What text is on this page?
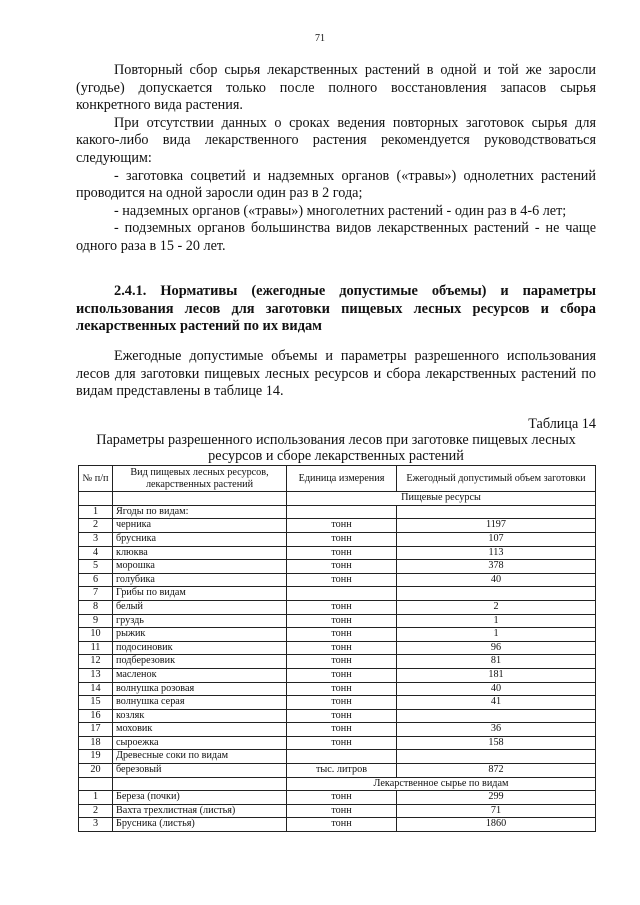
71

Повторный сбор сырья лекарственных растений в одной и той же заросли (угодье) допускается только после полного восстановления запасов сырья конкретного вида растения.

При отсутствии данных о сроках ведения повторных заготовок сырья для какого-либо вида лекарственного растения рекомендуется руководствоваться следующим:

- заготовка соцветий и надземных органов («травы») однолетних растений проводится на одной заросли один раз в 2 года;

- надземных органов («травы») многолетних растений - один раз в 4-6 лет;

- подземных органов большинства видов лекарственных растений - не чаще одного раза в 15 - 20 лет.

2.4.1. Нормативы (ежегодные допустимые объемы) и параметры использования лесов для заготовки пищевых лесных ресурсов и сбора лекарственных растений по их видам

Ежегодные допустимые объемы и параметры разрешенного использования лесов для заготовки пищевых лесных ресурсов и сбора лекарственных растений по видам представлены в таблице 14.

Таблица 14
Параметры разрешенного использования лесов при заготовке пищевых лесных ресурсов и сборе лекарственных растений
№ п/п	Вид пищевых лесных ресурсов, лекарственных растений	Единица измерения	Ежегодный допустимый объем заготовки
		Пищевые ресурсы	
1	Ягоды по видам:		
2	черника	тонн	1197
3	брусника	тонн	107
4	клюква	тонн	113
5	морошка	тонн	378
6	голубика	тонн	40
7	Грибы по видам		
8	белый	тонн	2
9	груздь	тонн	1
10	рыжик	тонн	1
11	подосиновик	тонн	96
12	подберезовик	тонн	81
13	масленок	тонн	181
14	волнушка розовая	тонн	40
15	волнушка серая	тонн	41
16	козляк	тонн	
17	моховик	тонн	36
18	сыроежка	тонн	158
19	Древесные соки по видам		
20	березовый	тыс. литров	872
		Лекарственное сырье по видам	
1	Береза (почки)	тонн	299
2	Вахта трехлистная (листья)	тонн	71
3	Брусника (листья)	тонн	1860
